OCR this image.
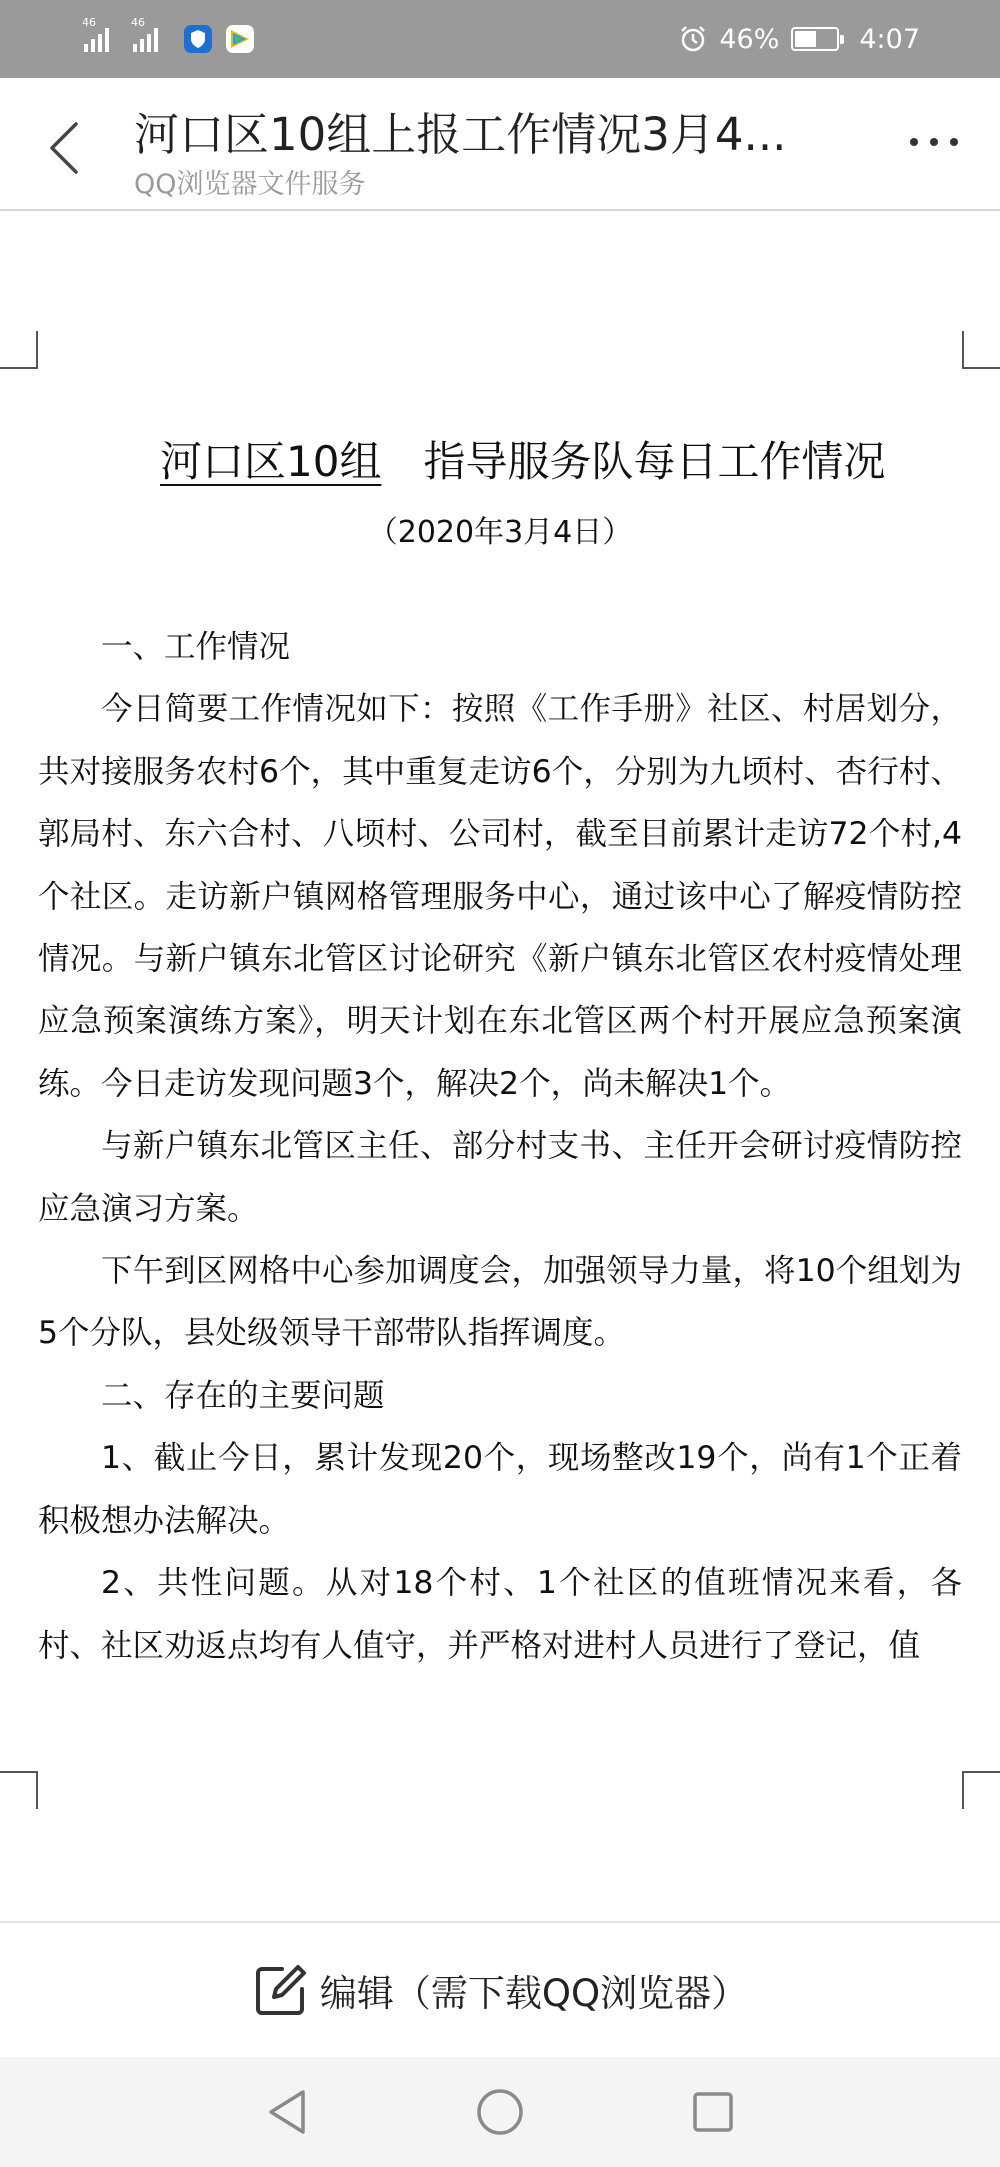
46	46
46%	4:07
河口区10组上报工作情况3月4...
QQ浏览器文件服务
河口区10组 指导服务队每日工作情况
（2020年3月4日）

一、工作情况

今日简要工作情况如下：按照《工作手册》社区、村居划分，共对接服务农村6个，其中重复走访6个，分别为九顷村、杏行村、郭局村、东六合村、八顷村、公司村，截至目前累计走访72个村,4个社区。走访新户镇网格管理服务中心，通过该中心了解疫情防控情况。与新户镇东北管区讨论研究《新户镇东北管区农村疫情处理应急预案演练方案》，明天计划在东北管区两个村开展应急预案演练。今日走访发现问题3个，解决2个，尚未解决1个。

与新户镇东北管区主任、部分村支书、主任开会研讨疫情防控应急演习方案。

下午到区网格中心参加调度会，加强领导力量，将10个组划为5个分队，县处级领导干部带队指挥调度。

二、存在的主要问题

1、截止今日，累计发现20个，现场整改19个，尚有1个正着积极想办法解决。

2、共性问题。从对18个村、1个社区的值班情况来看，各村、社区劝返点均有人值守，并严格对进村人员进行了登记，值

编辑（需下载QQ浏览器）
